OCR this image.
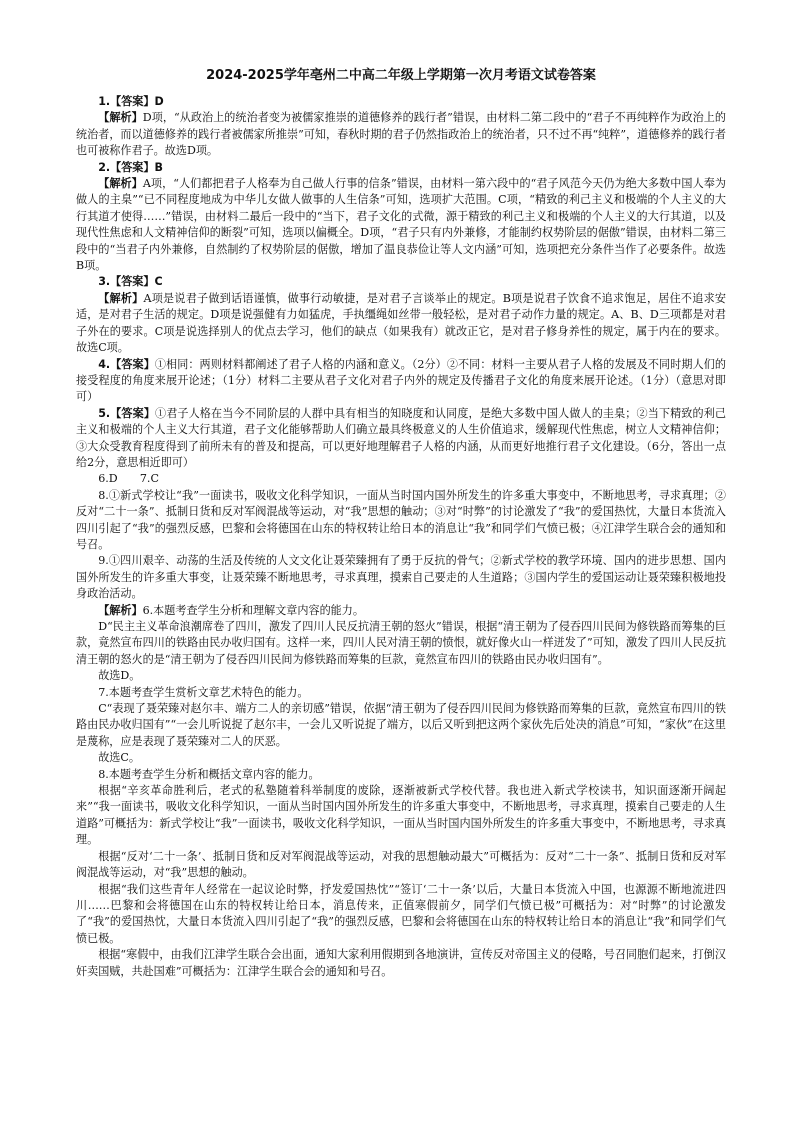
2024-2025学年亳州二中高二年级上学期第一次月考语文试卷答案
1.【答案】D
【解析】D项，“从政治上的统治者变为被儒家推崇的道德修养的践行者”错误，由材料二第二段中的“君子不再纯粹作为政治上的统治者，而以道德修养的践行者被儒家所推崇”可知，春秋时期的君子仍然指政治上的统治者，只不过不再“纯粹”，道德修养的践行者也可被称作君子。故选D项。
2.【答案】B
【解析】A项，“人们都把君子人格奉为自己做人行事的信条”错误，由材料一第六段中的“君子风范今天仍为绝大多数中国人奉为做人的主臬”“已不同程度地成为中华儿女做人做事的人生信条”可知，选项扩大范围。C项，“精致的利己主义和极端的个人主义的大行其道才使得……”错误，由材料二最后一段中的“当下，君子文化的式微，源于精致的利己主义和极端的个人主义的大行其道，以及现代性焦虑和人文精神信仰的断裂”可知，选项以偏概全。D项，“君子只有内外兼修，才能制约权势阶层的倨傲”错误，由材料二第三段中的“当君子内外兼修，自然制约了权势阶层的倨傲，增加了温良恭俭让等人文内涵”可知，选项把充分条件当作了必要条件。故选B项。
3.【答案】C
【解析】A项是说君子做到话语谨慎，做事行动敏捷，是对君子言谈举止的规定。B项是说君子饮食不追求饱足，居住不追求安适，是对君子生活的规定。D项是说强健有力如猛虎，手执缰绳如丝带一般轻松，是对君子动作力量的规定。A、B、D三项都是对君子外在的要求。C项是说选择别人的优点去学习，他们的缺点（如果我有）就改正它，是对君子修身养性的规定，属于内在的要求。故选C项。
4.【答案】①相同：两则材料都阐述了君子人格的内涵和意义。（2分）②不同：材料一主要从君子人格的发展及不同时期人们的接受程度的角度来展开论述；（1分）材料二主要从君子文化对君子内外的规定及传播君子文化的角度来展开论述。（1分）（意思对即可）
5.【答案】①君子人格在当今不同阶层的人群中具有相当的知晓度和认同度，是绝大多数中国人做人的圭臬；②当下精致的利己主义和极端的个人主义大行其道，君子文化能够帮助人们确立最具终极意义的人生价值追求，缓解现代性焦虑，树立人文精神信仰；③大众受教育程度得到了前所未有的普及和提高，可以更好地理解君子人格的内涵，从而更好地推行君子文化建设。（6分，答出一点给2分，意思相近即可）
6.D　　7.C
8.①新式学校让“我”一面读书，吸收文化科学知识，一面从当时国内国外所发生的许多重大事变中，不断地思考，寻求真理；②反对“二十一条”、抵制日货和反对军阀混战等运动，对“我”思想的触动；③对“时弊”的讨论激发了“我”的爱国热忱，大量日本货流入四川引起了“我”的强烈反感，巴黎和会将德国在山东的特权转让给日本的消息让“我”和同学们气愤已极；④江津学生联合会的通知和号召。
9.①四川艰辛、动荡的生活及传统的人文文化让聂荣臻拥有了勇于反抗的骨气；②新式学校的教学环境、国内的进步思想、国内国外所发生的许多重大事变，让聂荣臻不断地思考，寻求真理，摸索自己要走的人生道路；③国内学生的爱国运动让聂荣臻积极地投身政治活动。
【解析】6.本题考查学生分析和理解文章内容的能力。
D“民主主义革命浪潮席卷了四川，激发了四川人民反抗清王朝的怒火”错误，根据“清王朝为了侵吞四川民间为修铁路而筹集的巨款，竟然宣布四川的铁路由民办收归国有。这样一来，四川人民对清王朝的愤恨，就好像火山一样迸发了”可知，激发了四川人民反抗清王朝的怒火的是“清王朝为了侵吞四川民间为修铁路而筹集的巨款，竟然宣布四川的铁路由民办收归国有”。
故选D。
7.本题考查学生赏析文章艺术特色的能力。
C“表现了聂荣臻对赵尔丰、端方二人的亲切感”错误，依据“清王朝为了侵吞四川民间为修铁路而筹集的巨款，竟然宣布四川的铁路由民办收归国有”“一会儿听说捉了赵尔丰，一会儿又听说捉了端方，以后又听到把这两个家伙先后处决的消息”可知，“家伙”在这里是蔑称，应是表现了聂荣臻对二人的厌恶。
故选C。
8.本题考查学生分析和概括文章内容的能力。
根据“辛亥革命胜利后，老式的私塾随着科举制度的废除，逐渐被新式学校代替。我也进入新式学校读书，知识面逐渐开阔起来”“我一面读书，吸收文化科学知识，一面从当时国内国外所发生的许多重大事变中，不断地思考，寻求真理，摸索自己要走的人生道路”可概括为：新式学校让“我”一面读书，吸收文化科学知识，一面从当时国内国外所发生的许多重大事变中，不断地思考，寻求真理。
根据“反对‘二十一条’、抵制日货和反对军阀混战等运动，对我的思想触动最大”可概括为：反对“二十一条”、抵制日货和反对军阀混战等运动，对“我”思想的触动。
根据“我们这些青年人经常在一起议论时弊，抒发爱国热忱”“签订‘二十一条’以后，大量日本货流入中国，也源源不断地流进四川……巴黎和会将德国在山东的特权转让给日本，消息传来，正值寒假前夕，同学们气愤已极”可概括为：对“时弊”的讨论激发了“我”的爱国热忱，大量日本货流入四川引起了“我”的强烈反感，巴黎和会将德国在山东的特权转让给日本的消息让“我”和同学们气愤已极。
根据“寒假中，由我们江津学生联合会出面，通知大家利用假期到各地演讲，宣传反对帝国主义的侵略，号召同胞们起来，打倒汉奸卖国贼，共赴国难”可概括为：江津学生联合会的通知和号召。
